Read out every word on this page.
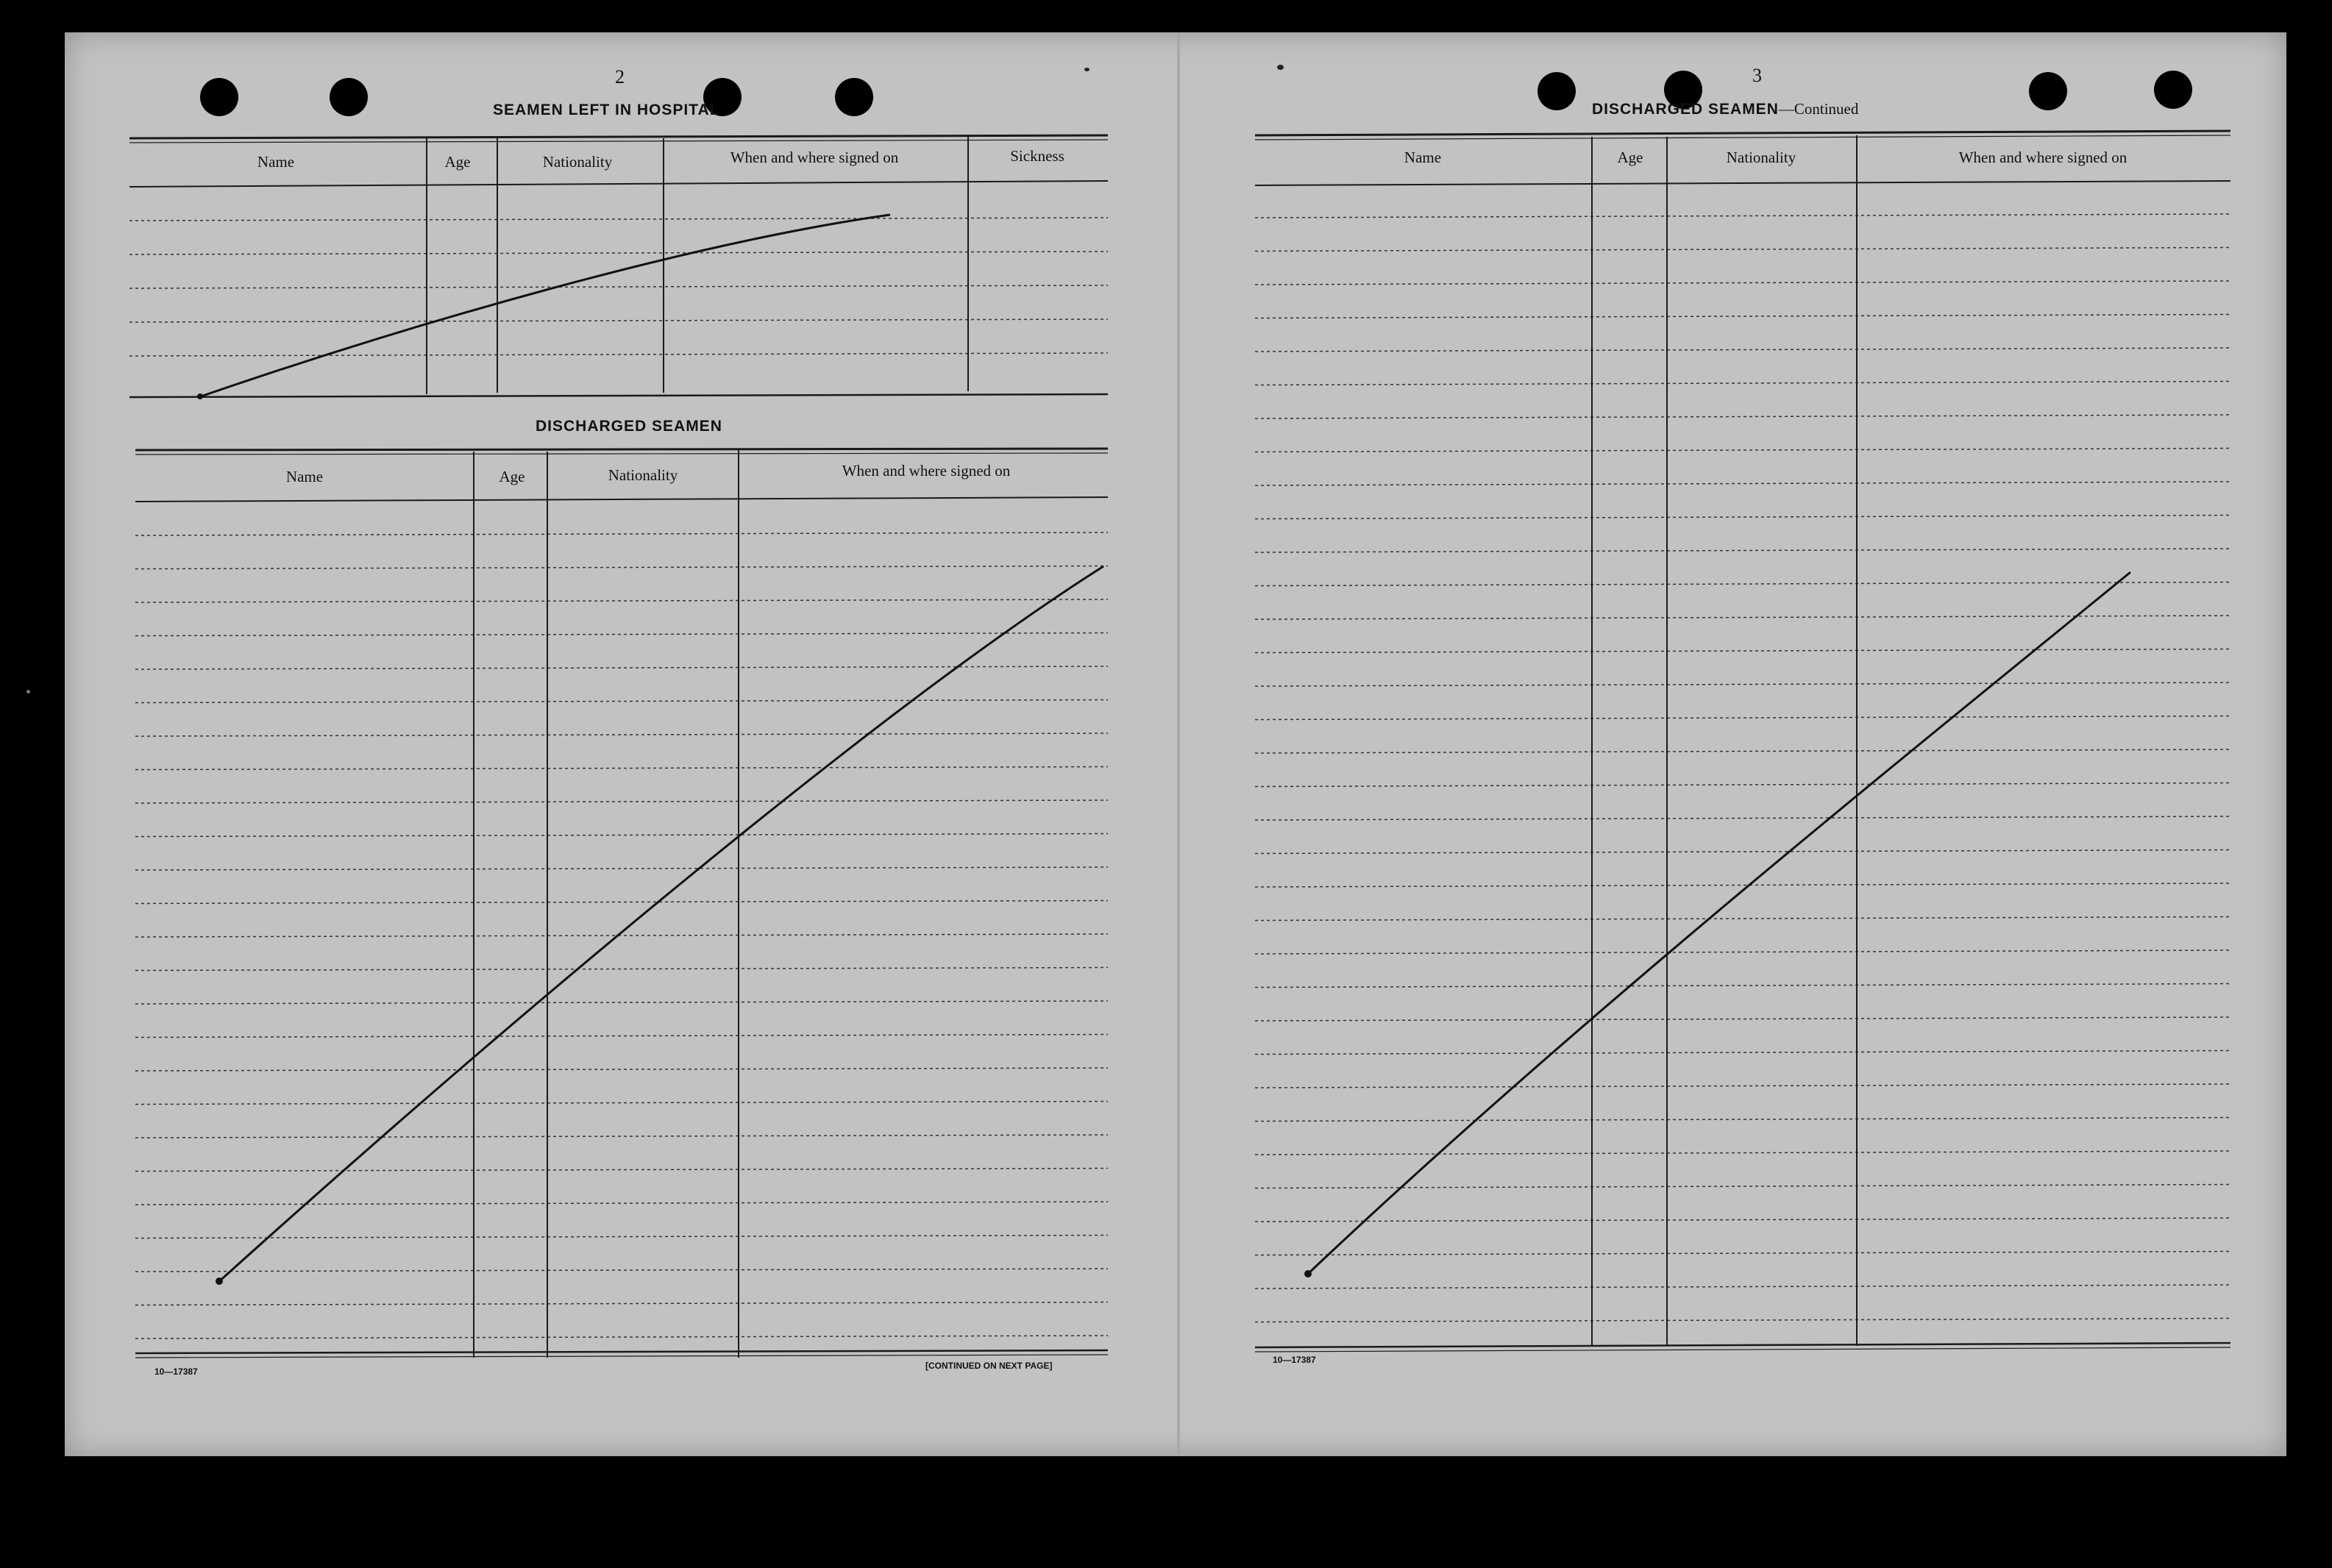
2
SEAMEN LEFT IN HOSPITAL
Name	Age	Nationality	When and where signed on	Sickness
DISCHARGED SEAMEN
Name	Age	Nationality	When and where signed on
10—17387
[CONTINUED ON NEXT PAGE]
3
DISCHARGED SEAMEN—Continued
Name	Age	Nationality	When and where signed on
10—17387
